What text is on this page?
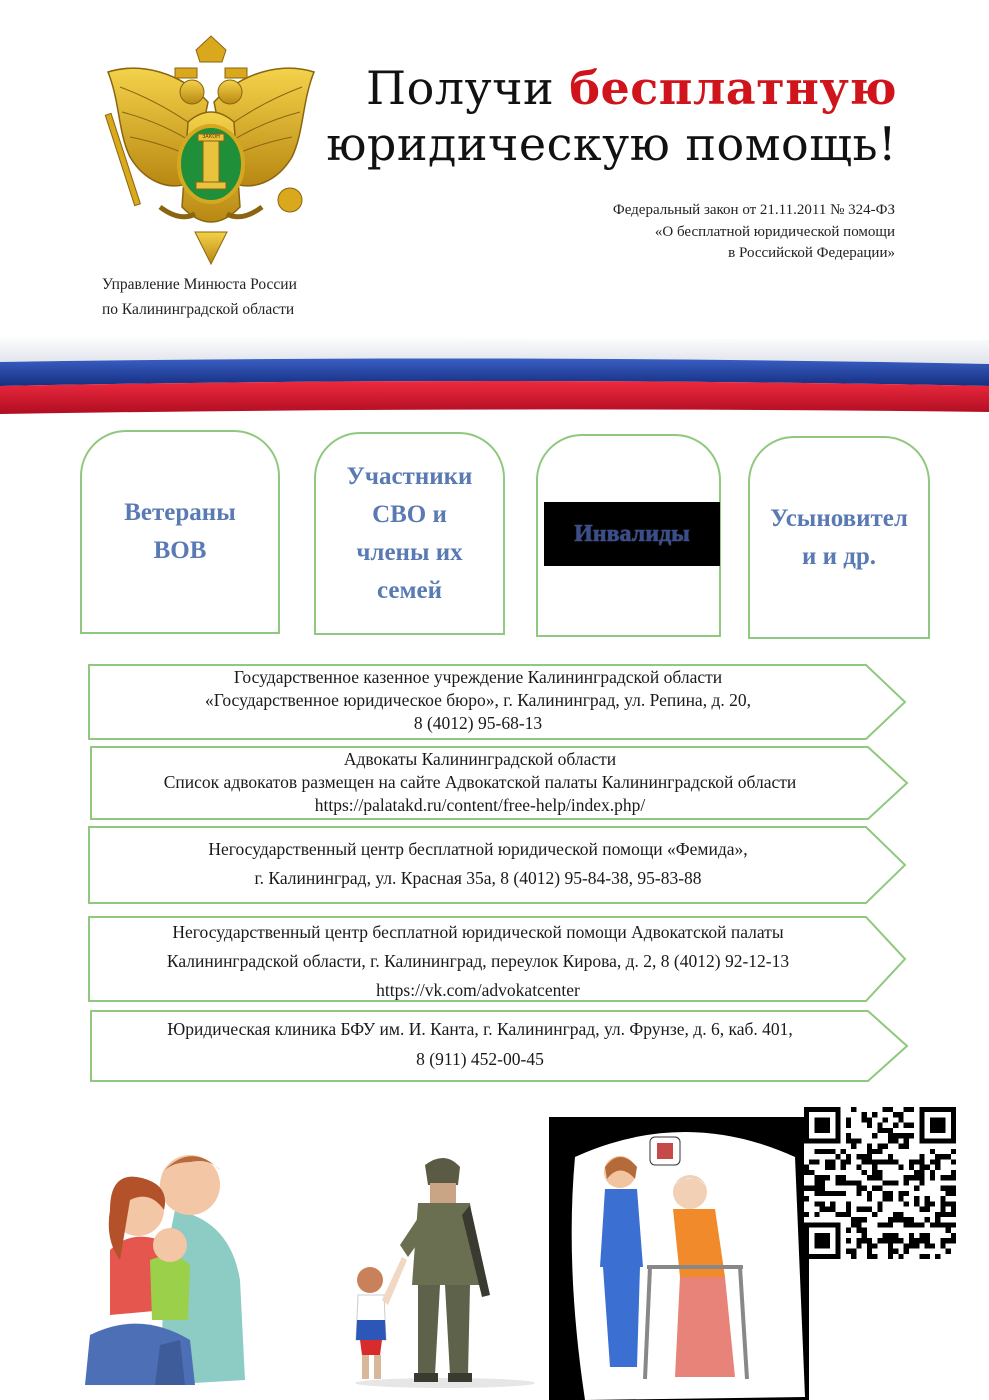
ЗАКОН
Управление Минюста России
по Калининградской области
Получи бесплатную
юридическую помощь!
Федеральный закон от 21.11.2011 № 324-ФЗ
«О бесплатной юридической помощи
в Российской Федерации»
Ветераны
ВОВ
Участники
СВО и
члены их
семей
Инвалиды
Усыновител
и и др.
Государственное казенное учреждение Калининградской области
«Государственное юридическое бюро», г. Калининград, ул. Репина, д. 20,
8 (4012) 95-68-13
Адвокаты Калининградской области
Список адвокатов размещен на сайте Адвокатской палаты Калининградской области
https://palatakd.ru/content/free-help/index.php/
Негосударственный центр бесплатной юридической помощи «Фемида»,
г. Калининград, ул. Красная 35а, 8 (4012) 95-84-38, 95-83-88
Негосударственный центр бесплатной юридической помощи Адвокатской палаты
Калининградской области, г. Калининград, переулок Кирова, д. 2, 8 (4012) 92-12-13
https://vk.com/advokatcenter
Юридическая клиника БФУ им. И. Канта, г. Калининград, ул. Фрунзе, д. 6, каб. 401,
8 (911) 452-00-45
